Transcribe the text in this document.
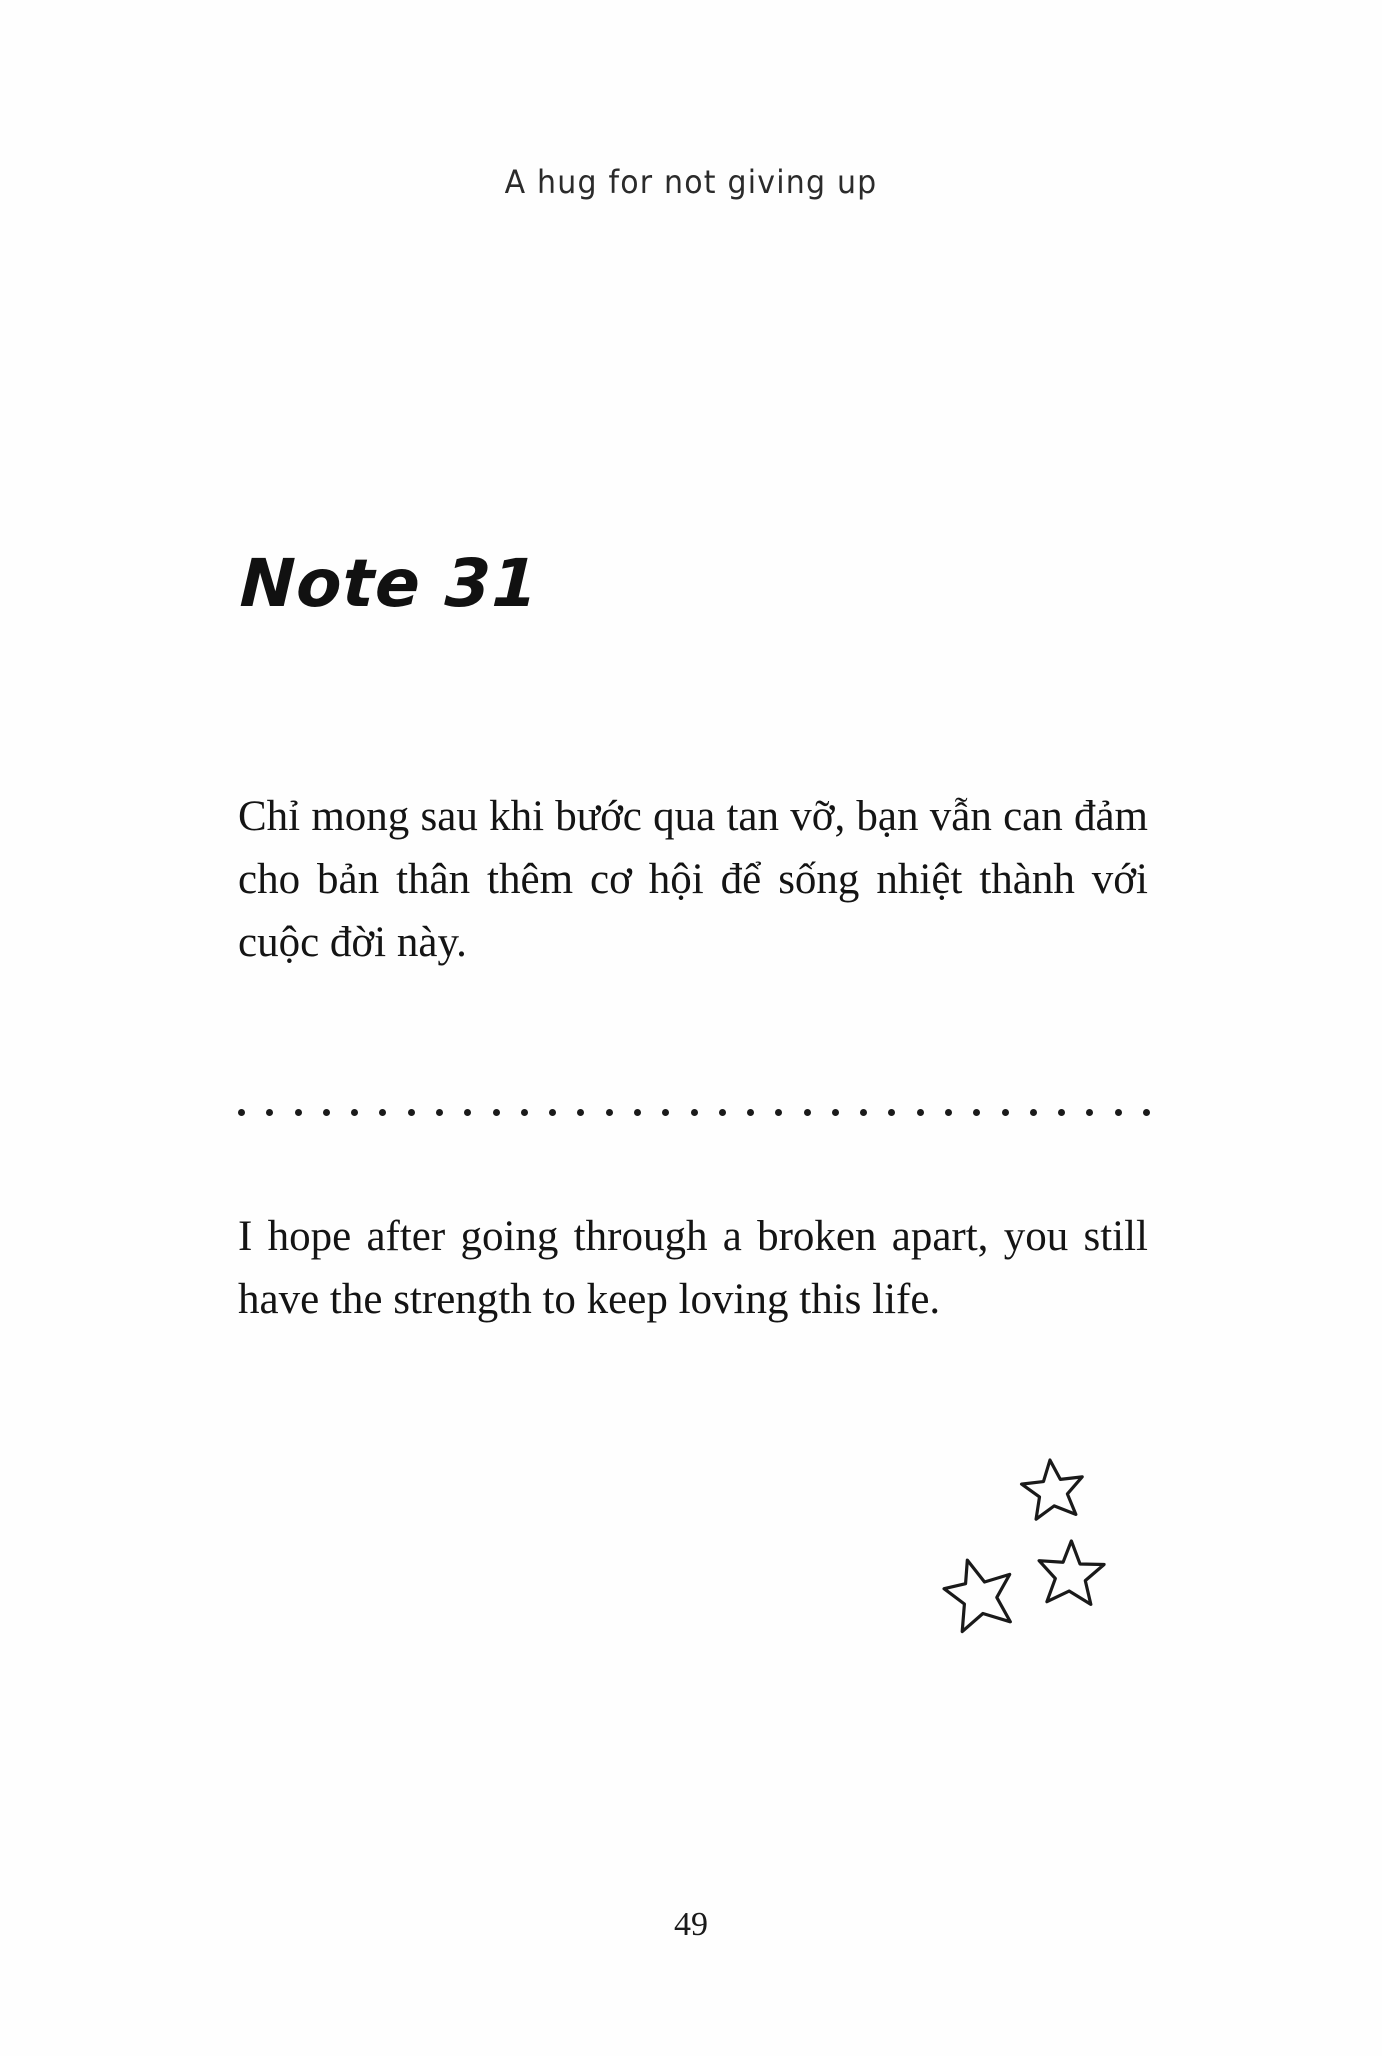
A hug for not giving up
Note 31
Chỉ mong sau khi bước qua tan vỡ, bạn vẫn can đảm cho bản thân thêm cơ hội để sống nhiệt thành với cuộc đời này.
I hope after going through a broken apart, you still have the strength to keep loving this life.
49
